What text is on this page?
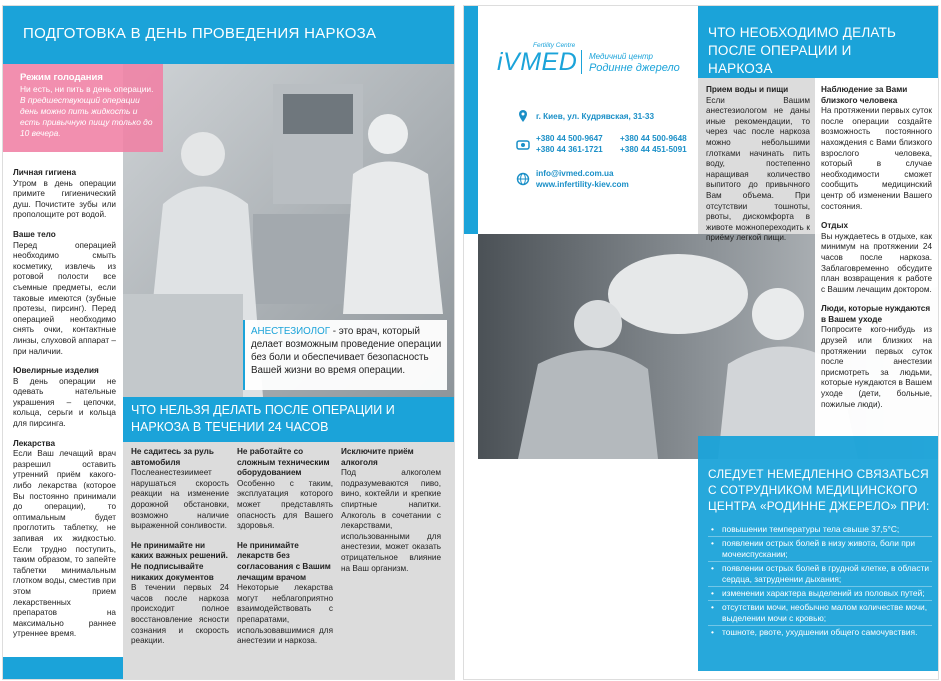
ПОДГОТОВКА В ДЕНЬ ПРОВЕДЕНИЯ НАРКОЗА
Режим голодания
Ни есть, ни пить в день операции.
В предшествующий операции день можно пить жидкость и есть привычную пищу только до 10 вечера.
Личная гигиена
Утром в день операции примите гигиенический душ. Почистите зубы или прополощите рот водой.
Ваше тело
Перед операцией необходимо смыть косметику, извлечь из ротовой полости все съемные предметы, если таковые имеются (зубные протезы, пирсинг). Перед операцией необходимо снять очки, контактные линзы, слуховой аппарат – при наличии.
Ювелирные изделия
В день операции не одевать нательные украшения – цепочки, кольца, серьги и кольца для пирсинга.
Лекарства
Если Ваш лечащий врач разрешил оставить утренний приём какого-либо лекарства (которое Вы постоянно принимали до операции), то оптимальным будет проглотить таблетку, не запивая их жидкостью. Если трудно поступить, таким образом, то запейте таблетки минимальным глотком воды, сместив при этом прием лекарственных препаратов на максимально раннее утреннее время.
АНЕСТЕЗИОЛОГ - это врач, который делает возможным проведение операции без боли и обеспечивает безопасность Вашей жизни во время операции.
ЧТО НЕЛЬЗЯ ДЕЛАТЬ ПОСЛЕ ОПЕРАЦИИ И НАРКОЗА В ТЕЧЕНИИ 24 ЧАСОВ
Не садитесь за руль автомобиля
Послеанестезиимеет нарушаться скорость реакции на изменение дорожной обстановки, возможно наличие выраженной сонливости.
Не принимайте ни каких важных решений. Не подписывайте никаких документов
В течении первых 24 часов после наркоза происходит полное восстановление ясности сознания и скорость реакции.
Не работайте со сложным техническим оборудованием
Особенно с таким, эксплуатация которого может представлять опасность для Вашего здоровья.
Не принимайте лекарств без согласования с Вашим лечащим врачом
Некоторые лекарства могут неблагоприятно взаимодействовать с препаратами, использовавшимися для анестезии и наркоза.
Исключите приём алкоголя
Под алкоголем подразумеваются пиво, вино, коктейли и крепкие спиртные напитки. Алкоголь в сочетании с лекарствами, использованными для анестезии, может оказать отрицательное влияние на Ваш организм.
Fertility Centre
iVMED Медичний центр
Родинне джерело
г. Киев, ул. Кудрявская, 31-33
+380 44 500-9647	+380 44 500-9648
+380 44 361-1721	+380 44 451-5091
info@ivmed.com.ua
www.infertility-kiev.com
ЧТО НЕОБХОДИМО ДЕЛАТЬ ПОСЛЕ ОПЕРАЦИИ И НАРКОЗА
Прием воды и пищи
Если Вашим анестезиологом не даны иные рекомендации, то через час после наркоза можно небольшими глотками начинать пить воду, постепенно наращивая количество выпитого до привычного Вам объема. При отсутствии тошноты, рвоты, дискомфорта в животе можнопереходить к приёму легкой пищи.
Наблюдение за Вами близкого человека
На протяжении первых суток после операции создайте возможность постоянного нахождения с Вами близкого взрослого человека, который в случае необходимости сможет сообщить медицинский центр об изменении Вашего состояния.
Отдых
Вы нуждаетесь в отдыхе, как минимум на протяжении 24 часов после наркоза. Заблаговременно обсудите план возвращения к работе с Вашим лечащим доктором.
Люди, которые нуждаются в Вашем уходе
Попросите кого-нибудь из друзей или близких на протяжении первых суток после анестезии присмотреть за людьми, которые нуждаются в Вашем уходе (дети, больные, пожилые люди).
СЛЕДУЕТ НЕМЕДЛЕННО СВЯЗАТЬСЯ С СОТРУДНИКОМ МЕДИЦИНСКОГО ЦЕНТРА «РОДИННЕ ДЖЕРЕЛО» ПРИ:
• повышении температуры тела свыше 37,5°С;
• появлении острых болей в низу живота, боли при мочеиспускании;
• появлении острых болей в грудной клетке, в области сердца, затруднении дыхания;
• изменении характера выделений из половых путей;
• отсутствии мочи, необычно малом количестве мочи, выделении мочи с кровью;
• тошноте, рвоте, ухудшении общего самочувствия.
